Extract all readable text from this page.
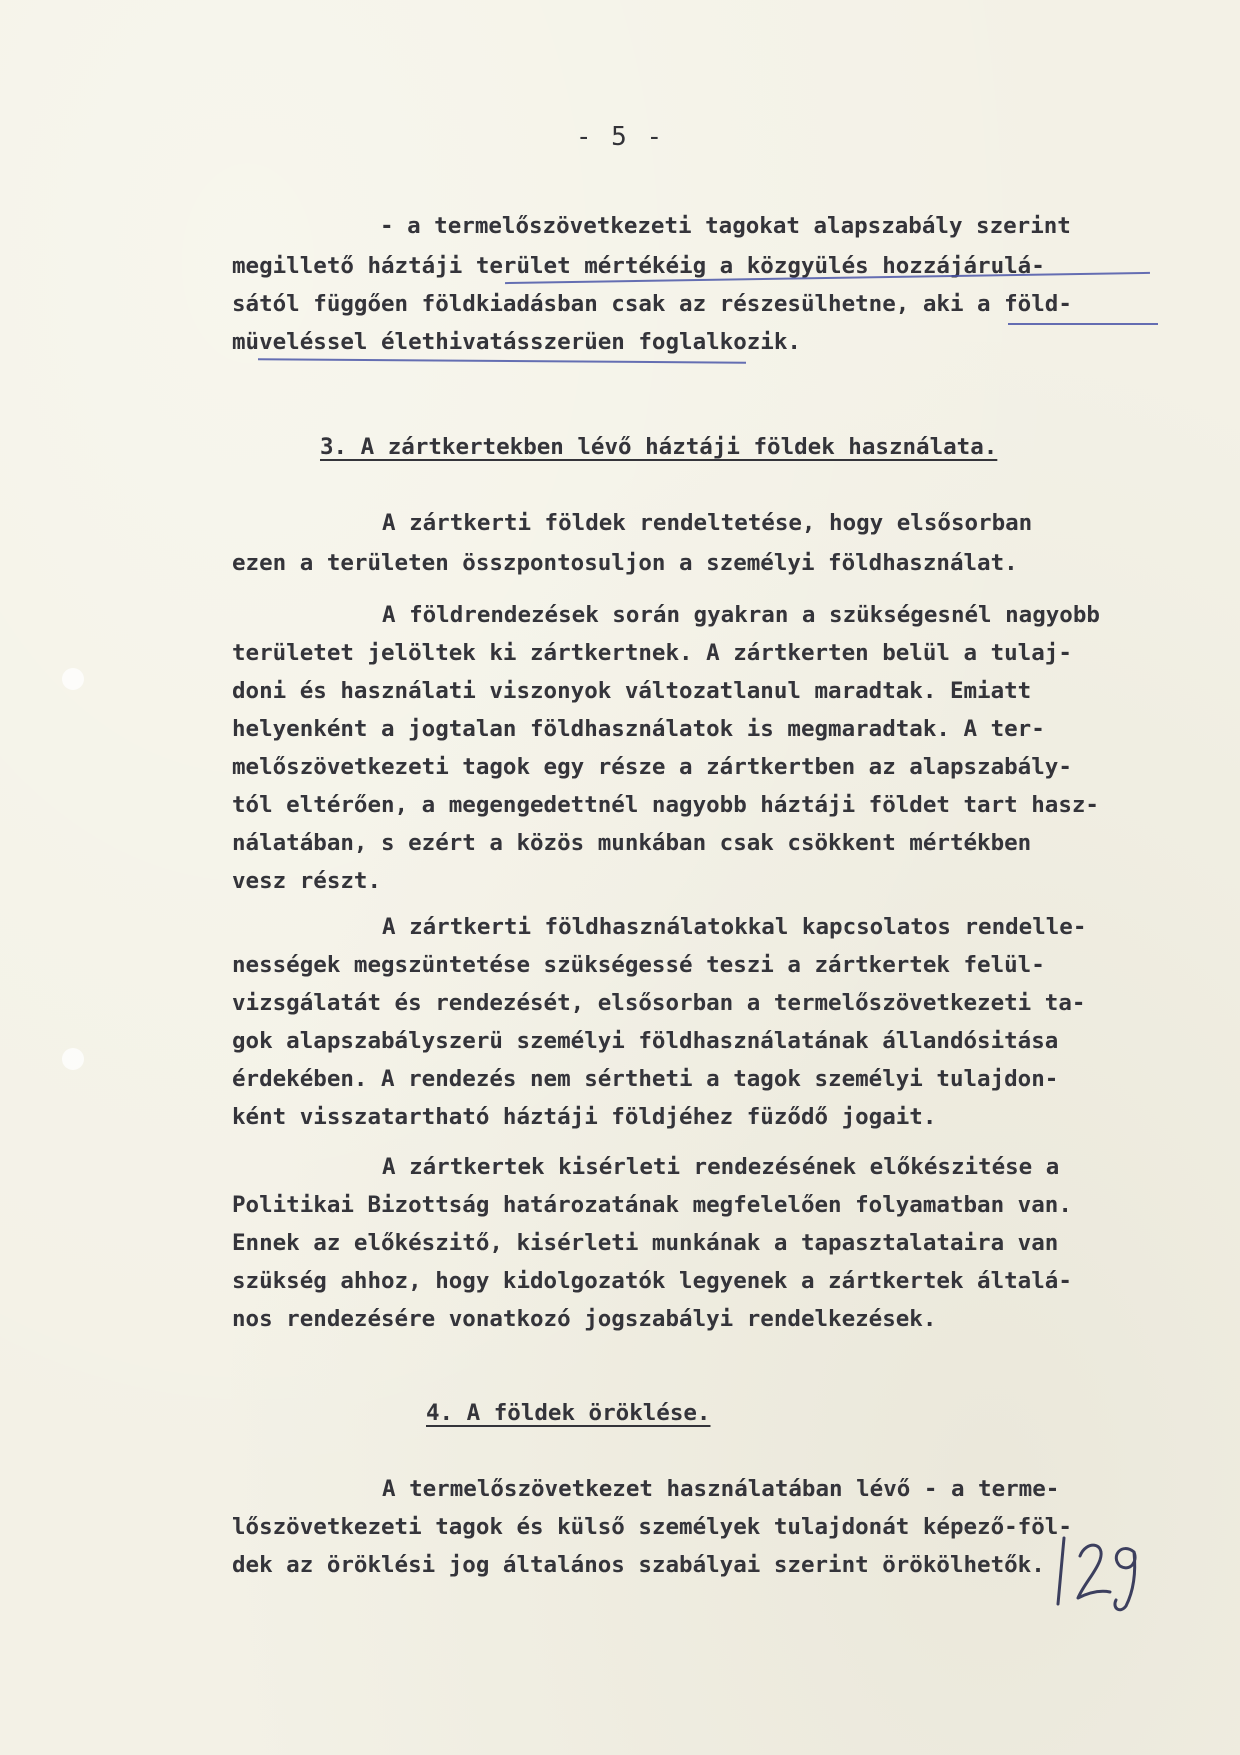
- 5 -
- a termelőszövetkezeti tagokat alapszabály szerint
megillető háztáji terület mértékéig a közgyülés hozzájárulá-
sától függően földkiadásban csak az részesülhetne, aki a föld-
müveléssel élethivatásszerüen foglalkozik.
3. A zártkertekben lévő háztáji földek használata.
A zártkerti földek rendeltetése, hogy elsősorban
ezen a területen összpontosuljon a személyi földhasználat.
A földrendezések során gyakran a szükségesnél nagyobb
területet jelöltek ki zártkertnek. A zártkerten belül a tulaj-
doni és használati viszonyok változatlanul maradtak. Emiatt
helyenként a jogtalan földhasználatok is megmaradtak. A ter-
melőszövetkezeti tagok egy része a zártkertben az alapszabály-
tól eltérően, a megengedettnél nagyobb háztáji földet tart hasz-
nálatában, s ezért a közös munkában csak csökkent mértékben
vesz részt.
A zártkerti földhasználatokkal kapcsolatos rendelle-
nességek megszüntetése szükségessé teszi a zártkertek felül-
vizsgálatát és rendezését, elsősorban a termelőszövetkezeti ta-
gok alapszabályszerü személyi földhasználatának állandósitása
érdekében. A rendezés nem sértheti a tagok személyi tulajdon-
ként visszatartható háztáji földjéhez füződő jogait.
A zártkertek kisérleti rendezésének előkészitése a
Politikai Bizottság határozatának megfelelően folyamatban van.
Ennek az előkészitő, kisérleti munkának a tapasztalataira van
szükség ahhoz, hogy kidolgozatók legyenek a zártkertek általá-
nos rendezésére vonatkozó jogszabályi rendelkezések.
4. A földek öröklése.
A termelőszövetkezet használatában lévő - a terme-
lőszövetkezeti tagok és külső személyek tulajdonát képező-föl-
dek az öröklési jog általános szabályai szerint örökölhetők.
